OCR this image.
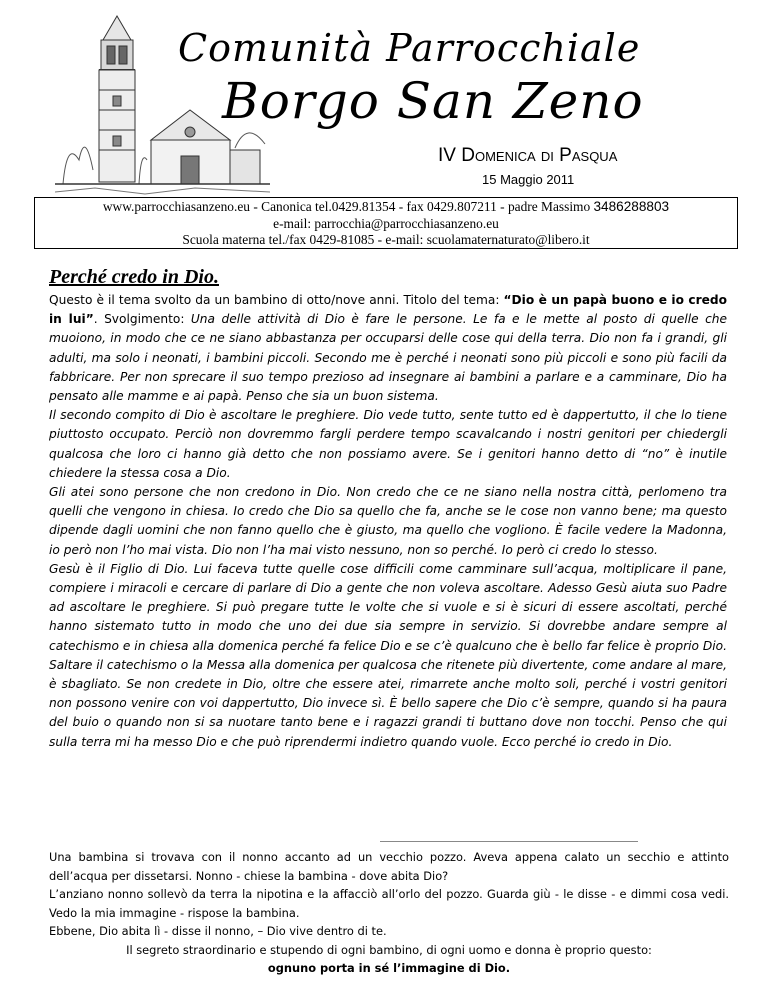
Comunità Parrocchiale
Borgo San Zeno
IV Domenica di Pasqua
15 Maggio 2011
www.parrocchiasanzeno.eu - Canonica tel.0429.81354 - fax 0429.807211 - padre Massimo 3486288803
e-mail: parrocchia@parrocchiasanzeno.eu
Scuola materna tel./fax 0429-81085 - e-mail: scuolamaternaturato@libero.it
Perché credo in Dio.

Questo è il tema svolto da un bambino di otto/nove anni. Titolo del tema: “Dio è un papà buono e io credo in lui”. Svolgimento: Una delle attività di Dio è fare le persone. Le fa e le mette al posto di quelle che muoiono, in modo che ce ne siano abbastanza per occuparsi delle cose qui della terra. Dio non fa i grandi, gli adulti, ma solo i neonati, i bambini piccoli. Secondo me è perché i neonati sono più piccoli e sono più facili da fabbricare. Per non sprecare il suo tempo prezioso ad insegnare ai bambini a parlare e a camminare, Dio ha pensato alle mamme e ai papà. Penso che sia un buon sistema.

Il secondo compito di Dio è ascoltare le preghiere. Dio vede tutto, sente tutto ed è dappertutto, il che lo tiene piuttosto occupato. Perciò non dovremmo fargli perdere tempo scavalcando i nostri genitori per chiedergli qualcosa che loro ci hanno già detto che non possiamo avere. Se i genitori hanno detto di “no” è inutile chiedere la stessa cosa a Dio.

Gli atei sono persone che non credono in Dio. Non credo che ce ne siano nella nostra città, perlomeno tra quelli che vengono in chiesa. Io credo che Dio sa quello che fa, anche se le cose non vanno bene; ma questo dipende dagli uomini che non fanno quello che è giusto, ma quello che vogliono. È facile vedere la Madonna, io però non l’ho mai vista. Dio non l’ha mai visto nessuno, non so perché. Io però ci credo lo stesso.

Gesù è il Figlio di Dio. Lui faceva tutte quelle cose difficili come camminare sull’acqua, moltiplicare il pane, compiere i miracoli e cercare di parlare di Dio a gente che non voleva ascoltare. Adesso Gesù aiuta suo Padre ad ascoltare le preghiere. Si può pregare tutte le volte che si vuole e si è sicuri di essere ascoltati, perché hanno sistemato tutto in modo che uno dei due sia sempre in servizio. Si dovrebbe andare sempre al catechismo e in chiesa alla domenica perché fa felice Dio e se c’è qualcuno che è bello far felice è proprio Dio. Saltare il catechismo o la Messa alla domenica per qualcosa che ritenete più divertente, come andare al mare, è sbagliato. Se non credete in Dio, oltre che essere atei, rimarrete anche molto soli, perché i vostri genitori non possono venire con voi dappertutto, Dio invece sì. È bello sapere che Dio c’è sempre, quando si ha paura del buio o quando non si sa nuotare tanto bene e i ragazzi grandi ti buttano dove non tocchi. Penso che qui sulla terra mi ha messo Dio e che può riprendermi indietro quando vuole. Ecco perché io credo in Dio.

Una bambina si trovava con il nonno accanto ad un vecchio pozzo. Aveva appena calato un secchio e attinto dell’acqua per dissetarsi. Nonno - chiese la bambina - dove abita Dio?

L’anziano nonno sollevò da terra la nipotina e la affacciò all’orlo del pozzo. Guarda giù - le disse - e dimmi cosa vedi. Vedo la mia immagine - rispose la bambina.

Ebbene, Dio abita lì - disse il nonno, – Dio vive dentro di te.

Il segreto straordinario e stupendo di ogni bambino, di ogni uomo e donna è proprio questo:

ognuno porta in sé l’immagine di Dio.
